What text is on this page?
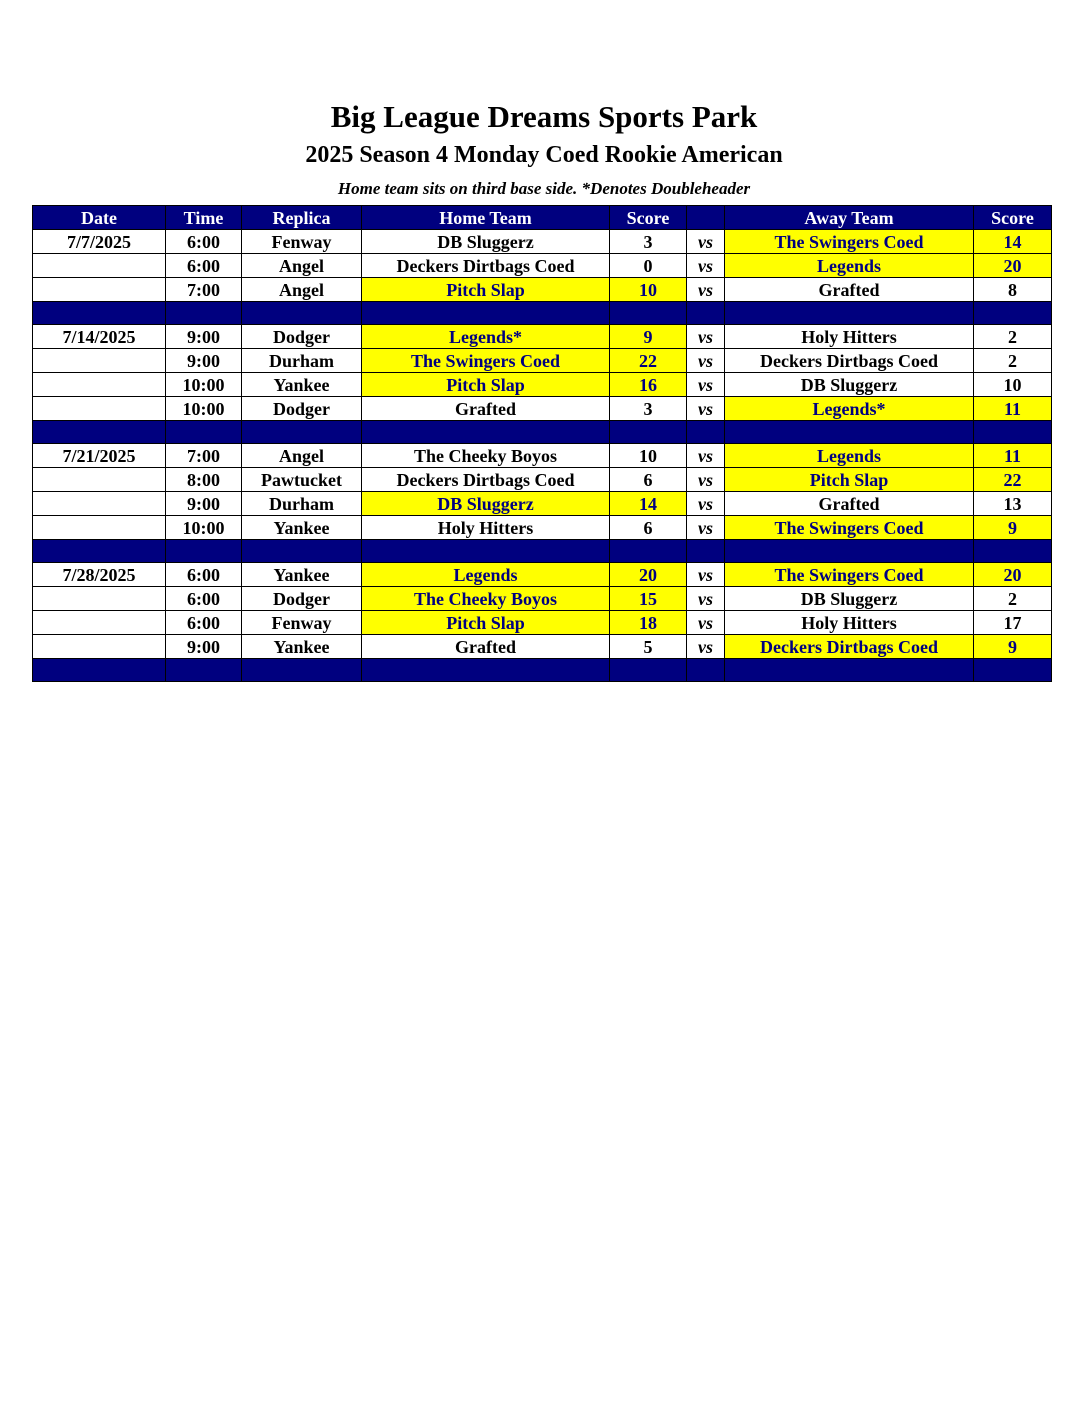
Big League Dreams Sports Park
2025 Season 4 Monday Coed Rookie American
Home team sits on third base side. *Denotes Doubleheader
Date	Time	Replica	Home Team	Score		Away Team	Score
7/7/2025	6:00	Fenway	DB Sluggerz	3	vs	The Swingers Coed	14
	6:00	Angel	Deckers Dirtbags Coed	0	vs	Legends	20
	7:00	Angel	Pitch Slap	10	vs	Grafted	8

7/14/2025	9:00	Dodger	Legends*	9	vs	Holy Hitters	2
	9:00	Durham	The Swingers Coed	22	vs	Deckers Dirtbags Coed	2
	10:00	Yankee	Pitch Slap	16	vs	DB Sluggerz	10
	10:00	Dodger	Grafted	3	vs	Legends*	11

7/21/2025	7:00	Angel	The Cheeky Boyos	10	vs	Legends	11
	8:00	Pawtucket	Deckers Dirtbags Coed	6	vs	Pitch Slap	22
	9:00	Durham	DB Sluggerz	14	vs	Grafted	13
	10:00	Yankee	Holy Hitters	6	vs	The Swingers Coed	9

7/28/2025	6:00	Yankee	Legends	20	vs	The Swingers Coed	20
	6:00	Dodger	The Cheeky Boyos	15	vs	DB Sluggerz	2
	6:00	Fenway	Pitch Slap	18	vs	Holy Hitters	17
	9:00	Yankee	Grafted	5	vs	Deckers Dirtbags Coed	9
